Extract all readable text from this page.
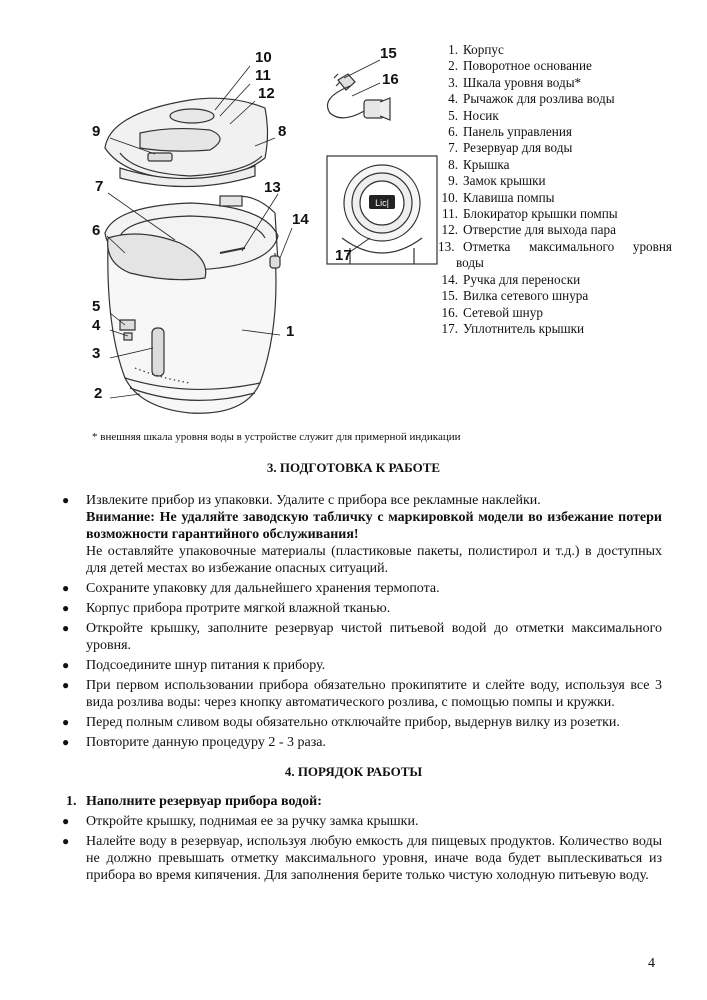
Lic|
10
11
12
9	8
7
6
13
14
5
4
3
2
1
15
16
17
1. Корпус
2. Поворотное основание
3. Шкала уровня воды*
4. Рычажок для розлива воды
5. Носик
6. Панель управления
7. Резервуар для воды
8. Крышка
9. Замок крышки
10. Клавиша помпы
11. Блокиратор крышки помпы
12. Отверстие для выхода пара
13. Отметка максимального уровня
воды
14. Ручка для переноски
15. Вилка сетевого шнура
16. Сетевой шнур
17. Уплотнитель крышки
* внешняя шкала уровня воды в устройстве служит для примерной индикации
3. ПОДГОТОВКА К РАБОТЕ
● Извлеките прибор из упаковки. Удалите с прибора все рекламные наклейки.
Внимание: Не удаляйте заводскую табличку с маркировкой модели во избежание потери возможности гарантийного обслуживания!
Не оставляйте упаковочные материалы (пластиковые пакеты, полистирол и т.д.) в доступных для детей местах во избежание опасных ситуаций.
● Сохраните упаковку для дальнейшего хранения термопота.
● Корпус прибора протрите мягкой влажной тканью.
● Откройте крышку, заполните резервуар чистой питьевой водой до отметки максимального уровня.
● Подсоедините шнур питания к прибору.
● При первом использовании прибора обязательно прокипятите и слейте воду, используя все 3 вида розлива воды: через кнопку автоматического розлива, с помощью помпы и кружки.
● Перед полным сливом воды обязательно отключайте прибор, выдернув вилку из розетки.
● Повторите данную процедуру 2 - 3 раза.
4. ПОРЯДОК РАБОТЫ
1. Наполните резервуар прибора водой:
● Откройте крышку, поднимая ее за ручку замка крышки.
● Налейте воду в резервуар, используя любую емкость для пищевых продуктов. Количество воды не должно превышать отметку максимального уровня, иначе вода будет выплескиваться из прибора во время кипячения. Для заполнения берите только чистую холодную питьевую воду.
4
